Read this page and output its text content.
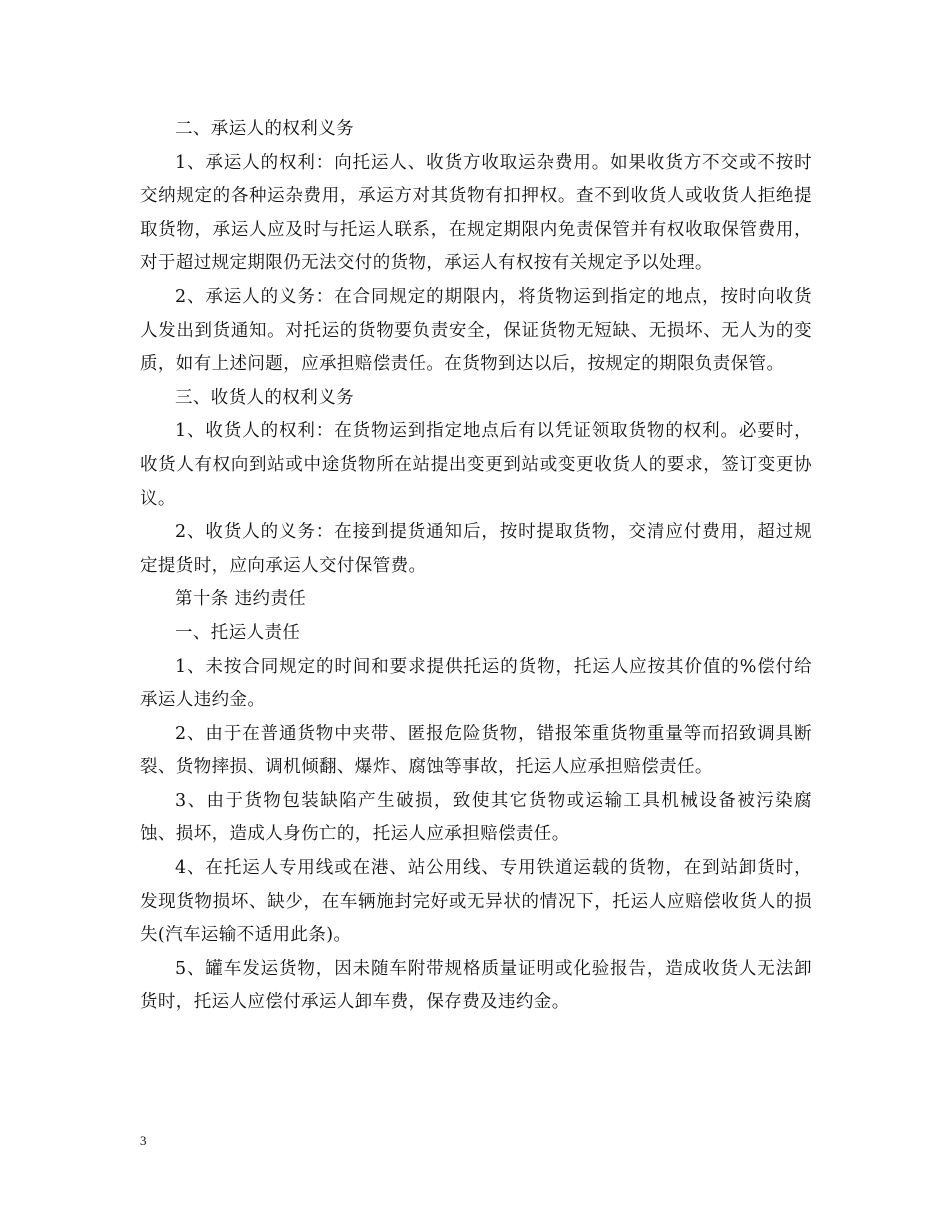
二、承运人的权利义务

1、承运人的权利：向托运人、收货方收取运杂费用。如果收货方不交或不按时交纳规定的各种运杂费用，承运方对其货物有扣押权。查不到收货人或收货人拒绝提取货物，承运人应及时与托运人联系，在规定期限内免责保管并有权收取保管费用，对于超过规定期限仍无法交付的货物，承运人有权按有关规定予以处理。

2、承运人的义务：在合同规定的期限内，将货物运到指定的地点，按时向收货人发出到货通知。对托运的货物要负责安全，保证货物无短缺、无损坏、无人为的变质，如有上述问题，应承担赔偿责任。在货物到达以后，按规定的期限负责保管。

三、收货人的权利义务

1、收货人的权利：在货物运到指定地点后有以凭证领取货物的权利。必要时，收货人有权向到站或中途货物所在站提出变更到站或变更收货人的要求，签订变更协议。

2、收货人的义务：在接到提货通知后，按时提取货物，交清应付费用，超过规定提货时，应向承运人交付保管费。

第十条 违约责任

一、托运人责任

1、未按合同规定的时间和要求提供托运的货物，托运人应按其价值的%偿付给承运人违约金。

2、由于在普通货物中夹带、匿报危险货物，错报笨重货物重量等而招致调具断裂、货物摔损、调机倾翻、爆炸、腐蚀等事故，托运人应承担赔偿责任。

3、由于货物包装缺陷产生破损，致使其它货物或运输工具机械设备被污染腐蚀、损坏，造成人身伤亡的，托运人应承担赔偿责任。

4、在托运人专用线或在港、站公用线、专用铁道运载的货物，在到站卸货时，发现货物损坏、缺少，在车辆施封完好或无异状的情况下，托运人应赔偿收货人的损失(汽车运输不适用此条)。

5、罐车发运货物，因未随车附带规格质量证明或化验报告，造成收货人无法卸货时，托运人应偿付承运人卸车费，保存费及违约金。

3
